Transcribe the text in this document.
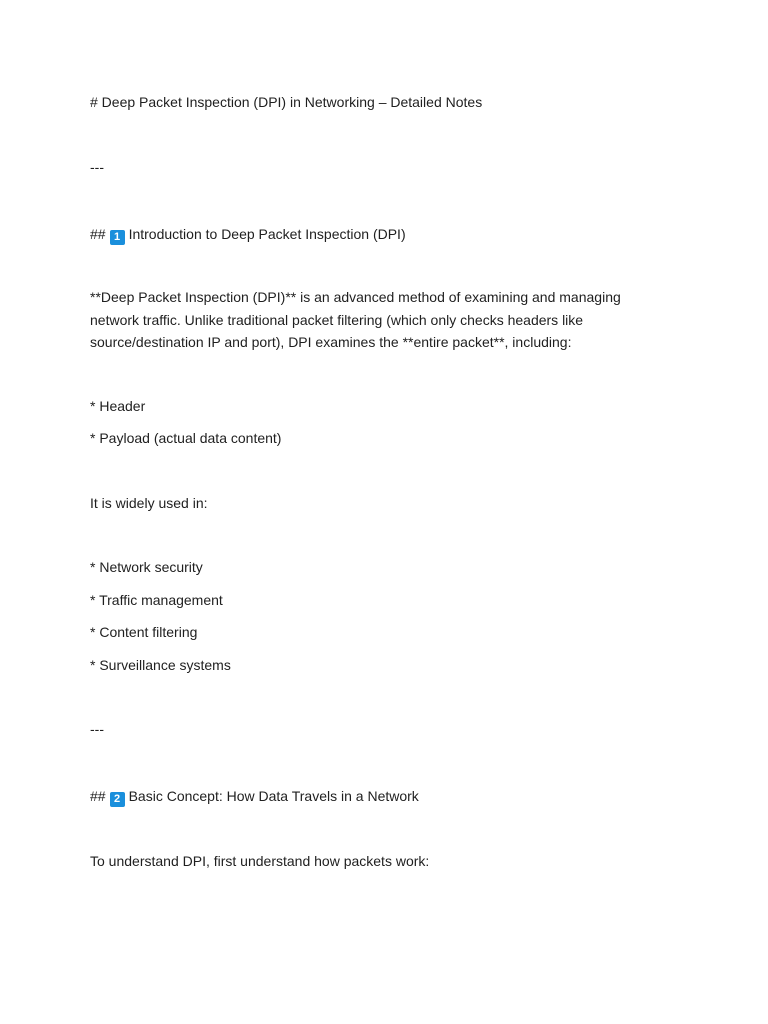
# Deep Packet Inspection (DPI) in Networking – Detailed Notes

---

## 1 Introduction to Deep Packet Inspection (DPI)

**Deep Packet Inspection (DPI)** is an advanced method of examining and managing network traffic. Unlike traditional packet filtering (which only checks headers like source/destination IP and port), DPI examines the **entire packet**, including:

* Header

* Payload (actual data content)

It is widely used in:

* Network security

* Traffic management

* Content filtering

* Surveillance systems

---

## 2 Basic Concept: How Data Travels in a Network

To understand DPI, first understand how packets work:
